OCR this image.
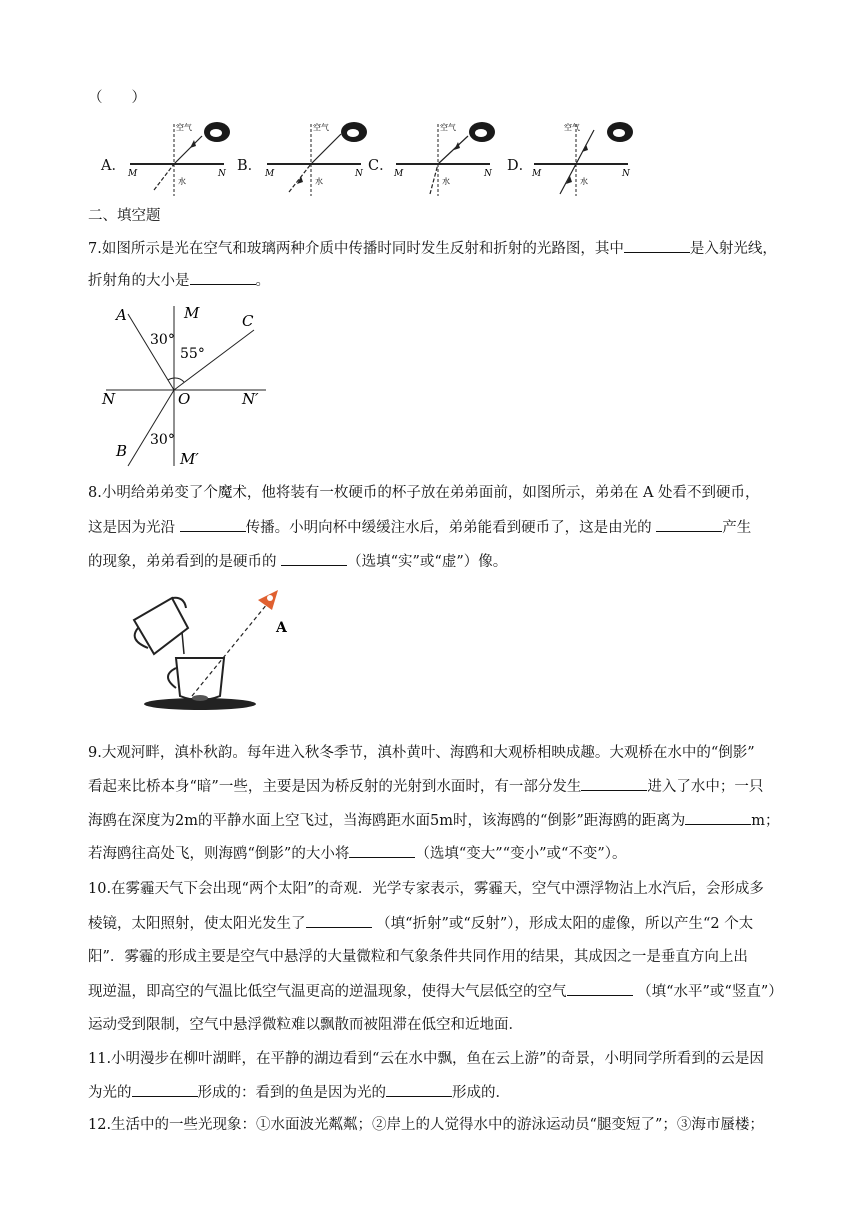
（　　）
A．
空气
水
M	N B．
空气
水
M	N C．
空气
水
M	N D．
空气
水
M	N
二、填空题
7.如图所示是光在空气和玻璃两种介质中传播时同时发生反射和折射的光路图，其中	是入射光线，
折射角的大小是	。
A	M	C
30°
55°
N	O	N′
30°
B	M′
8.小明给弟弟变了个魔术，他将装有一枚硬币的杯子放在弟弟面前，如图所示，弟弟在 A 处看不到硬币，
这是因为光沿	传播。小明向杯中缓缓注水后，弟弟能看到硬币了，这是由光的	产生
的现象，弟弟看到的是硬币的	（选填“实”或“虚”）像。
A
9.大观河畔，滇朴秋韵。每年进入秋冬季节，滇朴黄叶、海鸥和大观桥相映成趣。大观桥在水中的“倒影”
看起来比桥本身“暗”一些，主要是因为桥反射的光射到水面时，有一部分发生	进入了水中；一只
海鸥在深度为2m的平静水面上空飞过，当海鸥距水面5m时，该海鸥的“倒影”距海鸥的距离为	m；
若海鸥往高处飞，则海鸥“倒影”的大小将	（选填“变大”“变小”或“不变”）。
10.在雾霾天气下会出现“两个太阳”的奇观．光学专家表示，雾霾天，空气中漂浮物沾上水汽后，会形成多
棱镜，太阳照射，使太阳光发生了	（填“折射”或“反射”），形成太阳的虚像，所以产生“2 个太
阳”．雾霾的形成主要是空气中悬浮的大量微粒和气象条件共同作用的结果，其成因之一是垂直方向上出
现逆温，即高空的气温比低空气温更高的逆温现象，使得大气层低空的空气	（填“水平”或“竖直”）
运动受到限制，空气中悬浮微粒难以飘散而被阻滞在低空和近地面．
11.小明漫步在柳叶湖畔，在平静的湖边看到“云在水中飘，鱼在云上游”的奇景，小明同学所看到的云是因
为光的	形成的：看到的鱼是因为光的	形成的．
12.生活中的一些光现象：①水面波光粼粼；②岸上的人觉得水中的游泳运动员“腿变短了”；③海市蜃楼；
